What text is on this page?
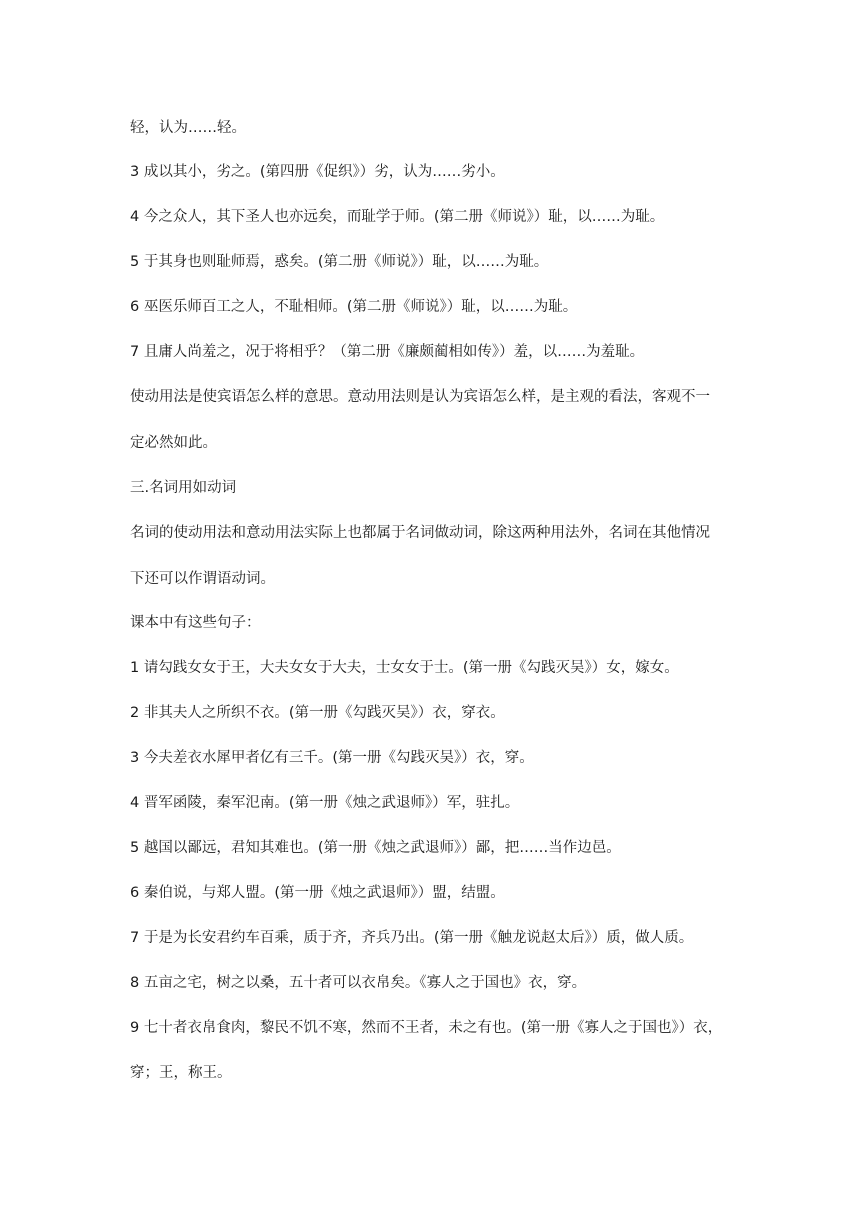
轻，认为……轻。
3 成以其小，劣之。(第四册《促织》）劣，认为……劣小。
4 今之众人，其下圣人也亦远矣，而耻学于师。(第二册《师说》）耻，以……为耻。
5 于其身也则耻师焉，惑矣。(第二册《师说》）耻，以……为耻。
6 巫医乐师百工之人，不耻相师。(第二册《师说》）耻，以……为耻。
7 且庸人尚羞之，况于将相乎？（第二册《廉颇蔺相如传》）羞，以……为羞耻。
使动用法是使宾语怎么样的意思。意动用法则是认为宾语怎么样，是主观的看法，客观不一
定必然如此。
三.名词用如动词
名词的使动用法和意动用法实际上也都属于名词做动词，除这两种用法外，名词在其他情况
下还可以作谓语动词。
课本中有这些句子：
1 请勾践女女于王，大夫女女于大夫，士女女于士。(第一册《勾践灭吴》）女，嫁女。
2 非其夫人之所织不衣。(第一册《勾践灭吴》）衣，穿衣。
3 今夫差衣水犀甲者亿有三千。(第一册《勾践灭吴》）衣，穿。
4 晋军函陵，秦军氾南。(第一册《烛之武退师》）军，驻扎。
5 越国以鄙远，君知其难也。(第一册《烛之武退师》）鄙，把……当作边邑。
6 秦伯说，与郑人盟。(第一册《烛之武退师》）盟，结盟。
7 于是为长安君约车百乘，质于齐，齐兵乃出。(第一册《触龙说赵太后》）质，做人质。
8 五亩之宅，树之以桑，五十者可以衣帛矣。《寡人之于国也》衣，穿。
9 七十者衣帛食肉，黎民不饥不寒，然而不王者，未之有也。(第一册《寡人之于国也》）衣，
穿；王，称王。
